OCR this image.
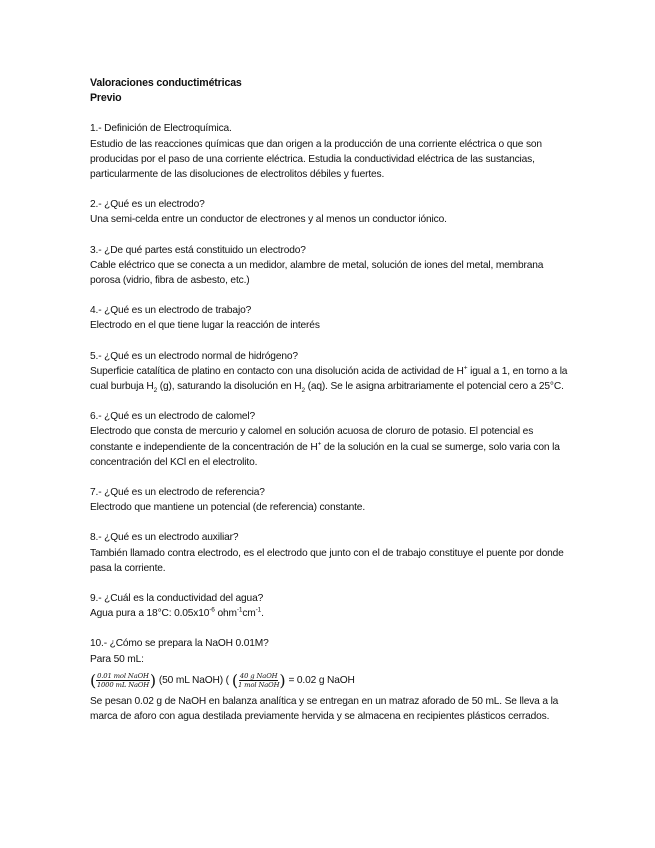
Valoraciones conductimétricas

Previo

1.- Definición de Electroquímica.

Estudio de las reacciones químicas que dan origen a la producción de una corriente eléctrica o que son producidas por el paso de una corriente eléctrica. Estudia la conductividad eléctrica de las sustancias, particularmente de las disoluciones de electrolitos débiles y fuertes.

2.- ¿Qué es un electrodo?

Una semi-celda entre un conductor de electrones y al menos un conductor iónico.

3.- ¿De qué partes está constituido un electrodo?

Cable eléctrico que se conecta a un medidor, alambre de metal, solución de iones del metal, membrana porosa (vidrio, fibra de asbesto, etc.)

4.- ¿Qué es un electrodo de trabajo?

Electrodo en el que tiene lugar la reacción de interés

5.- ¿Qué es un electrodo normal de hidrógeno?

Superficie catalítica de platino en contacto con una disolución acida de actividad de H+ igual a 1, en torno a la cual burbuja $H_2$ (g), saturando la disolución en $H_2$ (aq). Se le asigna arbitrariamente el potencial cero a 25°C.

6.- ¿Qué es un electrodo de calomel?

Electrodo que consta de mercurio y calomel en solución acuosa de cloruro de potasio. El potencial es constante e independiente de la concentración de H+ de la solución en la cual se sumerge, solo varia con la concentración del KCl en el electrolito.

7.- ¿Qué es un electrodo de referencia?

Electrodo que mantiene un potencial (de referencia) constante.

8.- ¿Qué es un electrodo auxiliar?

También llamado contra electrodo, es el electrodo que junto con el de trabajo constituye el puente por donde pasa la corriente.

9.- ¿Cuál es la conductividad del agua?

Agua pura a 18°C: $0.05x10^{-6}$ $ohm^{-1}cm^{-1}$.

10.- ¿Cómo se prepara la NaOH 0.01M?

Para 50 mL:

( $\frac{\text{0.01 mol NaOH}}{\text{1000 mL NaOH}}$ ) (50 mL NaOH) ( ( $\frac{\text{40 g NaOH}}{\text{1 mol NaOH}}$ ) = 0.02 g NaOH

Se pesan 0.02 g de NaOH en balanza analítica y se entregan en un matraz aforado de 50 mL. Se lleva a la marca de aforo con agua destilada previamente hervida y se almacena en recipientes plásticos cerrados.
